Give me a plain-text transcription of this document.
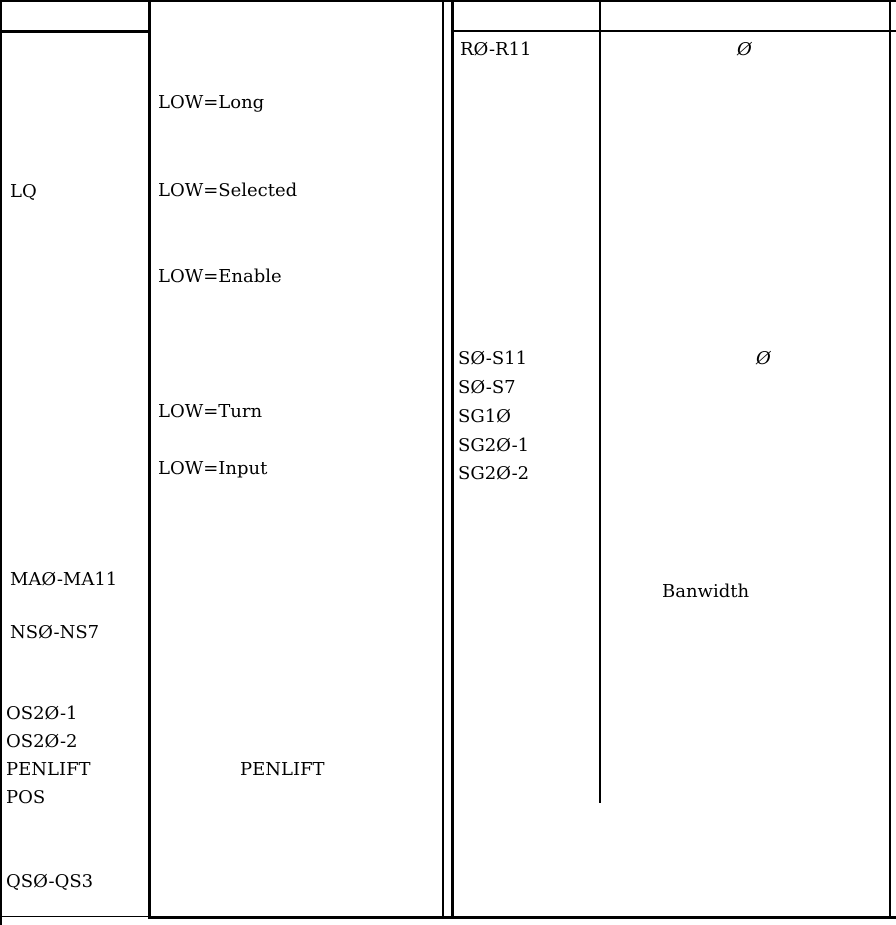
LQ
MAØ-MA11
NSØ-NS7
OS2Ø-1
OS2Ø-2
PENLIFT
POS
QSØ-QS3
LOW=Long
LOW=Selected
LOW=Enable
LOW=Turn
LOW=Input
PENLIFT
RØ-R11
SØ-S11
SØ-S7
SG1Ø
SG2Ø-1
SG2Ø-2
Ø
Ø
Banwidth
